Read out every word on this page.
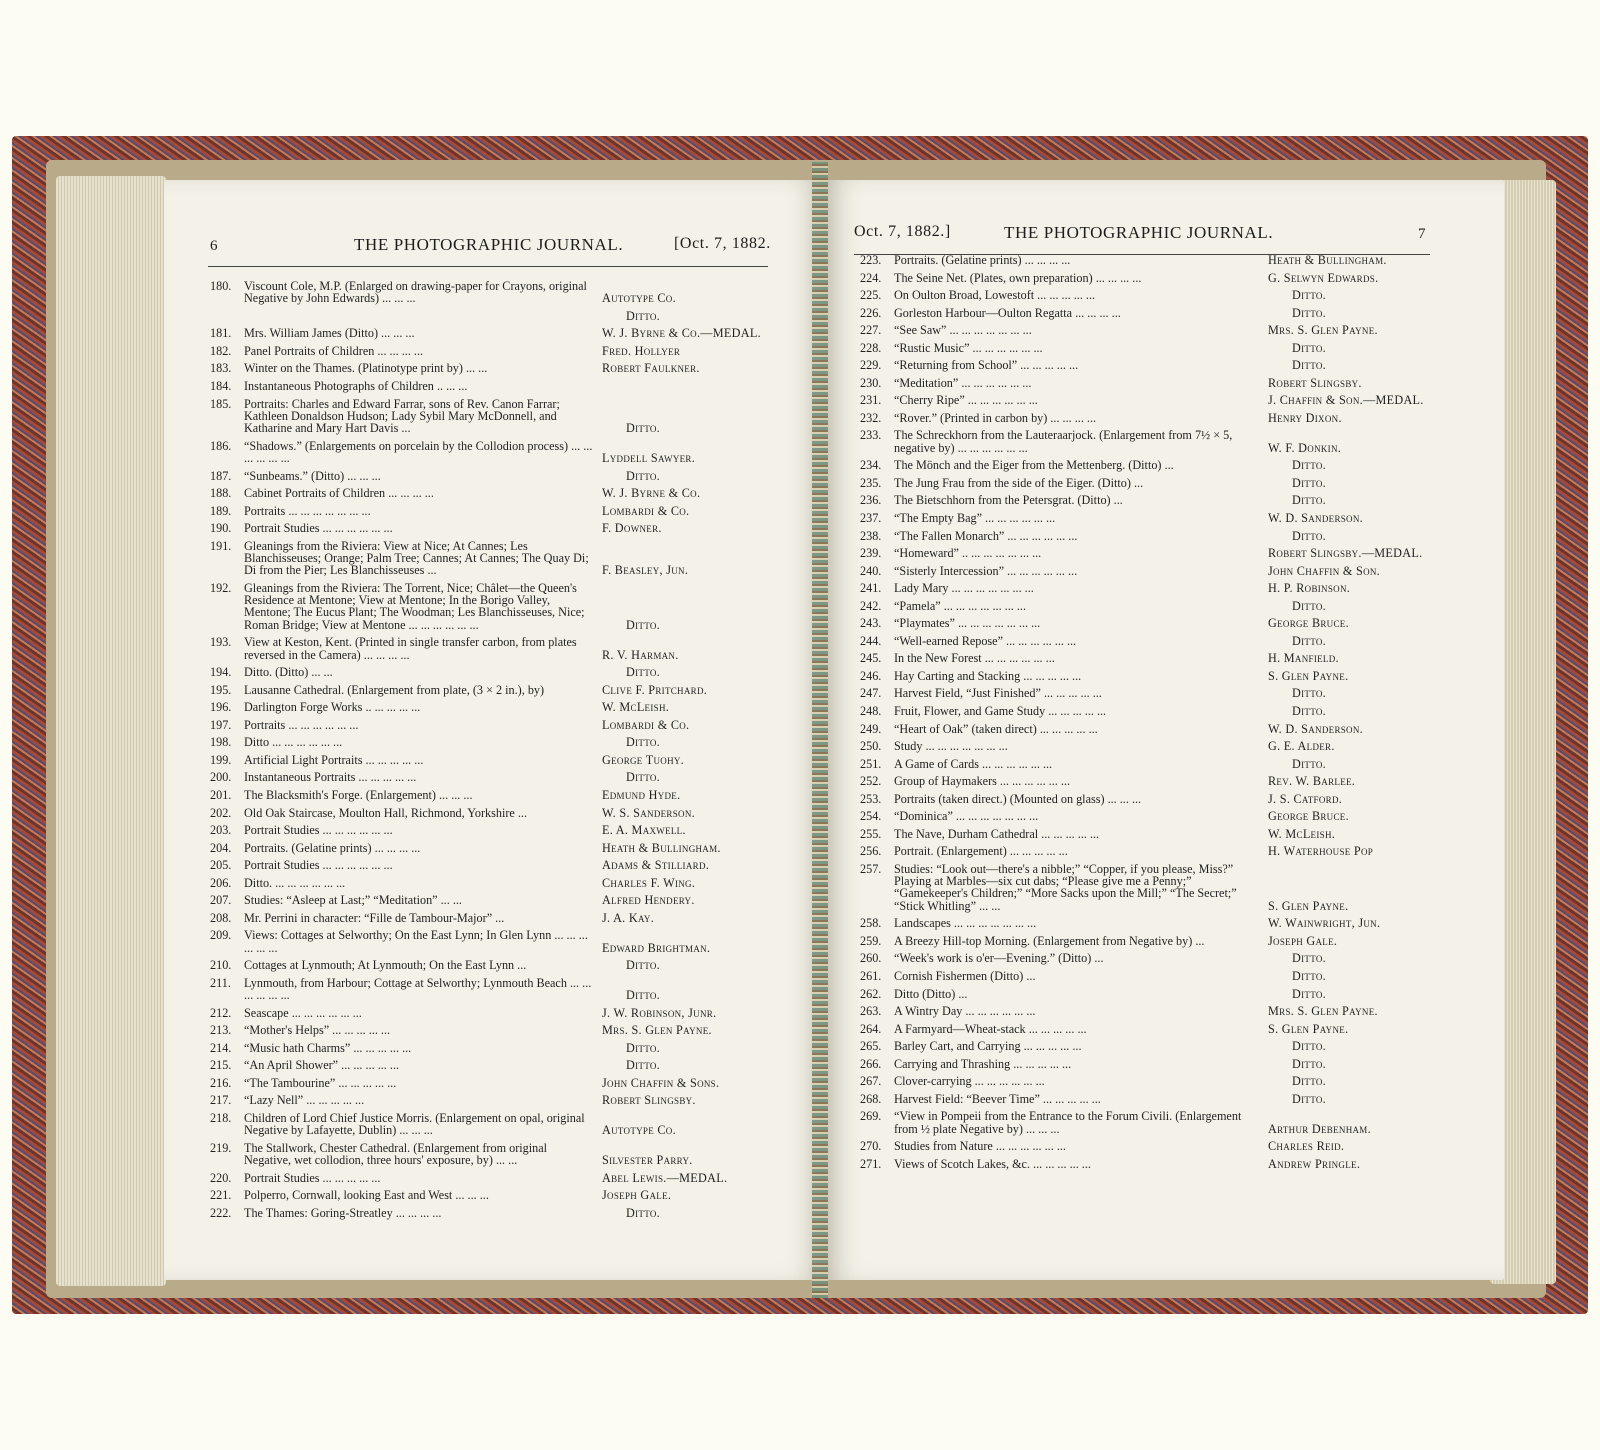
6	THE PHOTOGRAPHIC JOURNAL.	[Oct. 7, 1882.
180.	Viscount Cole, M.P. (Enlarged on drawing-paper for Crayons, original Negative by John Edwards) ... ... ...	Autotype Co.
Ditto.
181.	Mrs. William James (Ditto) ... ... ...	W. J. Byrne & Co.—MEDAL.
182.	Panel Portraits of Children ... ... ... ...	Fred. Hollyer
183.	Winter on the Thames. (Platinotype print by) ... ...	Robert Faulkner.
184.	Instantaneous Photographs of Children .. ... ...
185.	Portraits: Charles and Edward Farrar, sons of Rev. Canon Farrar; Kathleen Donaldson Hudson; Lady Sybil Mary McDonnell, and Katharine and Mary Hart Davis ...	Ditto.
186.	“Shadows.” (Enlargements on porcelain by the Collodion process) ... ... ... ... ... ...	Lyddell Sawyer.
187.	“Sunbeams.” (Ditto) ... ... ...	Ditto.
188.	Cabinet Portraits of Children ... ... ... ...	W. J. Byrne & Co.
189.	Portraits ... ... ... ... ... ... ...	Lombardi & Co.
190.	Portrait Studies ... ... ... ... ... ...	F. Downer.
191.	Gleanings from the Riviera: View at Nice; At Cannes; Les Blanchisseuses; Orange; Palm Tree; Cannes; At Cannes; The Quay Di; Di from the Pier; Les Blanchisseuses ...	F. Beasley, Jun.
192.	Gleanings from the Riviera: The Torrent, Nice; Châlet—the Queen's Residence at Mentone; View at Mentone; In the Borigo Valley, Mentone; The Eucus Plant; The Woodman; Les Blanchisseuses, Nice; Roman Bridge; View at Mentone ... ... ... ... ... ...	Ditto.
193.	View at Keston, Kent. (Printed in single transfer carbon, from plates reversed in the Camera) ... ... ... ...	R. V. Harman.
194.	Ditto. (Ditto) ... ...	Ditto.
195.	Lausanne Cathedral. (Enlargement from plate, (3 × 2 in.), by)	Clive F. Pritchard.
196.	Darlington Forge Works .. ... ... ... ...	W. McLeish.
197.	Portraits ... ... ... ... ... ...	Lombardi & Co.
198.	Ditto ... ... ... ... ... ...	Ditto.
199.	Artificial Light Portraits ... ... ... ... ...	George Tuohy.
200.	Instantaneous Portraits ... ... ... ... ...	Ditto.
201.	The Blacksmith's Forge. (Enlargement) ... ... ...	Edmund Hyde.
202.	Old Oak Staircase, Moulton Hall, Richmond, Yorkshire ...	W. S. Sanderson.
203.	Portrait Studies ... ... ... ... ... ...	E. A. Maxwell.
204.	Portraits. (Gelatine prints) ... ... ... ...	Heath & Bullingham.
205.	Portrait Studies ... ... ... ... ... ...	Adams & Stilliard.
206.	Ditto. ... ... ... ... ... ...	Charles F. Wing.
207.	Studies: “Asleep at Last;” “Meditation” ... ...	Alfred Hendery.
208.	Mr. Perrini in character: “Fille de Tambour-Major” ...	J. A. Kay.
209.	Views: Cottages at Selworthy; On the East Lynn; In Glen Lynn ... ... ... ... ... ...	Edward Brightman.
210.	Cottages at Lynmouth; At Lynmouth; On the East Lynn ...	Ditto.
211.	Lynmouth, from Harbour; Cottage at Selworthy; Lynmouth Beach ... ... ... ... ... ...	Ditto.
212.	Seascape ... ... ... ... ... ...	J. W. Robinson, Junr.
213.	“Mother's Helps” ... ... ... ... ...	Mrs. S. Glen Payne.
214.	“Music hath Charms” ... ... ... ... ...	Ditto.
215.	“An April Shower” ... ... ... ... ...	Ditto.
216.	“The Tambourine” ... ... ... ... ...	John Chaffin & Sons.
217.	“Lazy Nell” ... ... ... ... ...	Robert Slingsby.
218.	Children of Lord Chief Justice Morris. (Enlargement on opal, original Negative by Lafayette, Dublin) ... ... ...	Autotype Co.
219.	The Stallwork, Chester Cathedral. (Enlargement from original Negative, wet collodion, three hours' exposure, by) ... ...	Silvester Parry.
220.	Portrait Studies ... ... ... ... ...	Abel Lewis.—MEDAL.
221.	Polperro, Cornwall, looking East and West ... ... ...	Joseph Gale.
222.	The Thames: Goring-Streatley ... ... ... ...	Ditto.
Oct. 7, 1882.]	THE PHOTOGRAPHIC JOURNAL.	7
223.	Portraits. (Gelatine prints) ... ... ... ...	Heath & Bullingham.
224.	The Seine Net. (Plates, own preparation) ... ... ... ...	G. Selwyn Edwards.
225.	On Oulton Broad, Lowestoft ... ... ... ... ...	Ditto.
226.	Gorleston Harbour—Oulton Regatta ... ... ... ...	Ditto.
227.	“See Saw” ... ... ... ... ... ... ...	Mrs. S. Glen Payne.
228.	“Rustic Music” ... ... ... ... ... ...	Ditto.
229.	“Returning from School” ... ... ... ... ...	Ditto.
230.	“Meditation” ... ... ... ... ... ...	Robert Slingsby.
231.	“Cherry Ripe” ... ... ... ... ... ...	J. Chaffin & Son.—MEDAL.
232.	“Rover.” (Printed in carbon by) ... ... ... ...	Henry Dixon.
233.	The Schreckhorn from the Lauteraarjock. (Enlargement from 7½ × 5, negative by) ... ... ... ... ... ...	W. F. Donkin.
234.	The Mönch and the Eiger from the Mettenberg. (Ditto) ...	Ditto.
235.	The Jung Frau from the side of the Eiger. (Ditto) ...	Ditto.
236.	The Bietschhorn from the Petersgrat. (Ditto) ...	Ditto.
237.	“The Empty Bag” ... ... ... ... ... ...	W. D. Sanderson.
238.	“The Fallen Monarch” ... ... ... ... ... ...	Ditto.
239.	“Homeward” .. ... ... ... ... ... ...	Robert Slingsby.—MEDAL.
240.	“Sisterly Intercession” ... ... ... ... ... ...	John Chaffin & Son.
241.	Lady Mary ... ... ... ... ... ... ...	H. P. Robinson.
242.	“Pamela” ... ... ... ... ... ... ...	Ditto.
243.	“Playmates” ... ... ... ... ... ... ...	George Bruce.
244.	“Well-earned Repose” ... ... ... ... ... ...	Ditto.
245.	In the New Forest ... ... ... ... ... ...	H. Manfield.
246.	Hay Carting and Stacking ... ... ... ... ...	S. Glen Payne.
247.	Harvest Field, “Just Finished” ... ... ... ... ...	Ditto.
248.	Fruit, Flower, and Game Study ... ... ... ... ...	Ditto.
249.	“Heart of Oak” (taken direct) ... ... ... ... ...	W. D. Sanderson.
250.	Study ... ... ... ... ... ... ...	G. E. Alder.
251.	A Game of Cards ... ... ... ... ... ...	Ditto.
252.	Group of Haymakers ... ... ... ... ... ...	Rev. W. Barlee.
253.	Portraits (taken direct.) (Mounted on glass) ... ... ...	J. S. Catford.
254.	“Dominica” ... ... ... ... ... ... ...	George Bruce.
255.	The Nave, Durham Cathedral ... ... ... ... ...	W. McLeish.
256.	Portrait. (Enlargement) ... ... ... ... ...	H. Waterhouse Pop
257.	Studies: “Look out—there's a nibble;” “Copper, if you please, Miss?” Playing at Marbles—six cut dabs; “Please give me a Penny;” “Gamekeeper's Children;” “More Sacks upon the Mill;” “The Secret;” “Stick Whitling” ... ...	S. Glen Payne.
258.	Landscapes ... ... ... ... ... ... ...	W. Wainwright, Jun.
259.	A Breezy Hill-top Morning. (Enlargement from Negative by) ...	Joseph Gale.
260.	“Week's work is o'er—Evening.” (Ditto) ...	Ditto.
261.	Cornish Fishermen (Ditto) ...	Ditto.
262.	Ditto (Ditto) ...	Ditto.
263.	A Wintry Day ... ... ... ... ... ...	Mrs. S. Glen Payne.
264.	A Farmyard—Wheat-stack ... ... ... ... ...	S. Glen Payne.
265.	Barley Cart, and Carrying ... ... ... ... ...	Ditto.
266.	Carrying and Thrashing ... ... ... ... ...	Ditto.
267.	Clover-carrying ... ... ... ... ... ...	Ditto.
268.	Harvest Field: “Beever Time” ... ... ... ... ...	Ditto.
269.	“View in Pompeii from the Entrance to the Forum Civili. (Enlargement from ½ plate Negative by) ... ... ...	Arthur Debenham.
270.	Studies from Nature ... ... ... ... ... ...	Charles Reid.
271.	Views of Scotch Lakes, &c. ... ... ... ... ...	Andrew Pringle.
